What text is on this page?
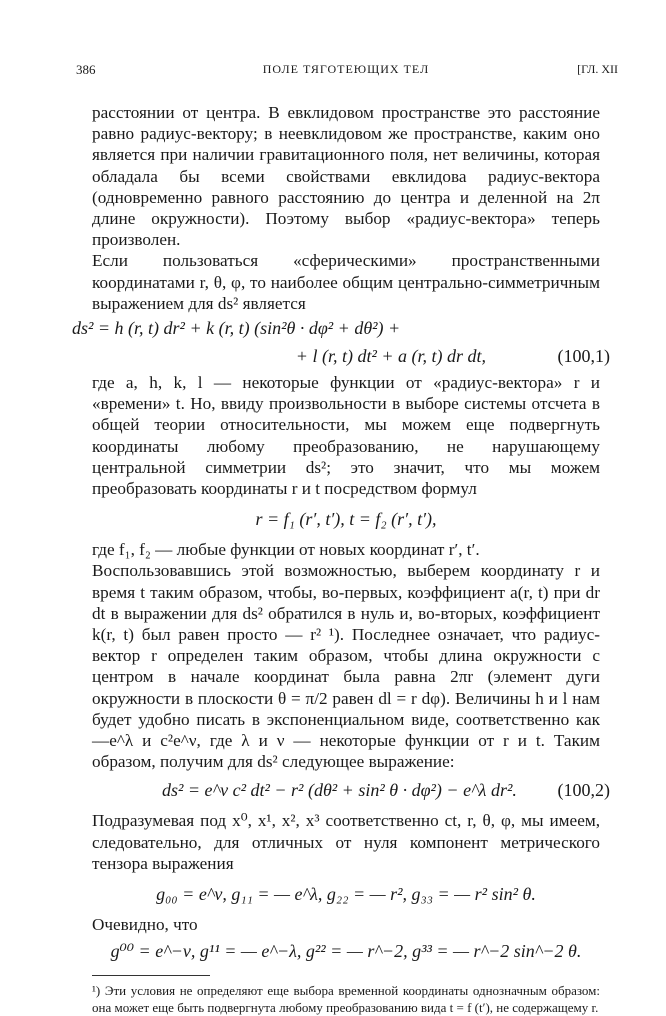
386	ПОЛЕ ТЯГОТЕЮЩИХ ТЕЛ	[ГЛ. XII

расстоянии от центра. В евклидовом пространстве это расстояние равно радиус-вектору; в неевклидовом же пространстве, каким оно является при наличии гравитационного поля, нет величины, которая обладала бы всеми свойствами евклидова радиус-вектора (одновременно равного расстоянию до центра и деленной на 2π длине окружности). Поэтому выбор «радиус-вектора» теперь произволен.

Если пользоваться «сферическими» пространственными координатами r, θ, φ, то наиболее общим центрально-симметричным выражением для ds² является

ds² = h (r, t) dr² + k (r, t) (sin²θ · dφ² + dθ²) +
+ l (r, t) dt² + a (r, t) dr dt,	(100,1)

где a, h, k, l — некоторые функции от «радиус-вектора» r и «времени» t. Но, ввиду произвольности в выборе системы отсчета в общей теории относительности, мы можем еще подвергнуть координаты любому преобразованию, не нарушающему центральной симметрии ds²; это значит, что мы можем преобразовать координаты r и t посредством формул

r = f₁ (r′, t′), t = f₂ (r′, t′),

где f₁, f₂ — любые функции от новых координат r′, t′.

Воспользовавшись этой возможностью, выберем координату r и время t таким образом, чтобы, во-первых, коэффициент a(r, t) при dr dt в выражении для ds² обратился в нуль и, во-вторых, коэффициент k(r, t) был равен просто — r² ¹). Последнее означает, что радиус-вектор r определен таким образом, чтобы длина окружности с центром в начале координат была равна 2πr (элемент дуги окружности в плоскости θ = π/2 равен dl = r dφ). Величины h и l нам будет удобно писать в экспоненциальном виде, соответственно как —e^λ и c²e^ν, где λ и ν — некоторые функции от r и t. Таким образом, получим для ds² следующее выражение:

ds² = e^ν c² dt² − r² (dθ² + sin² θ · dφ²) − e^λ dr². (100,2)

Подразумевая под x⁰, x¹, x², x³ соответственно ct, r, θ, φ, мы имеем, следовательно, для отличных от нуля компонент метрического тензора выражения

g₀₀ = e^ν, g₁₁ = — e^λ, g₂₂ = — r², g₃₃ = — r² sin² θ.

Очевидно, что

g⁰⁰ = e^−ν, g¹¹ = — e^−λ, g²² = — r^−2, g³³ = — r^−2 sin^−2 θ.

¹) Эти условия не определяют еще выбора временной координаты однозначным образом: она может еще быть подвергнута любому преобразованию вида t = f (t′), не содержащему r.
